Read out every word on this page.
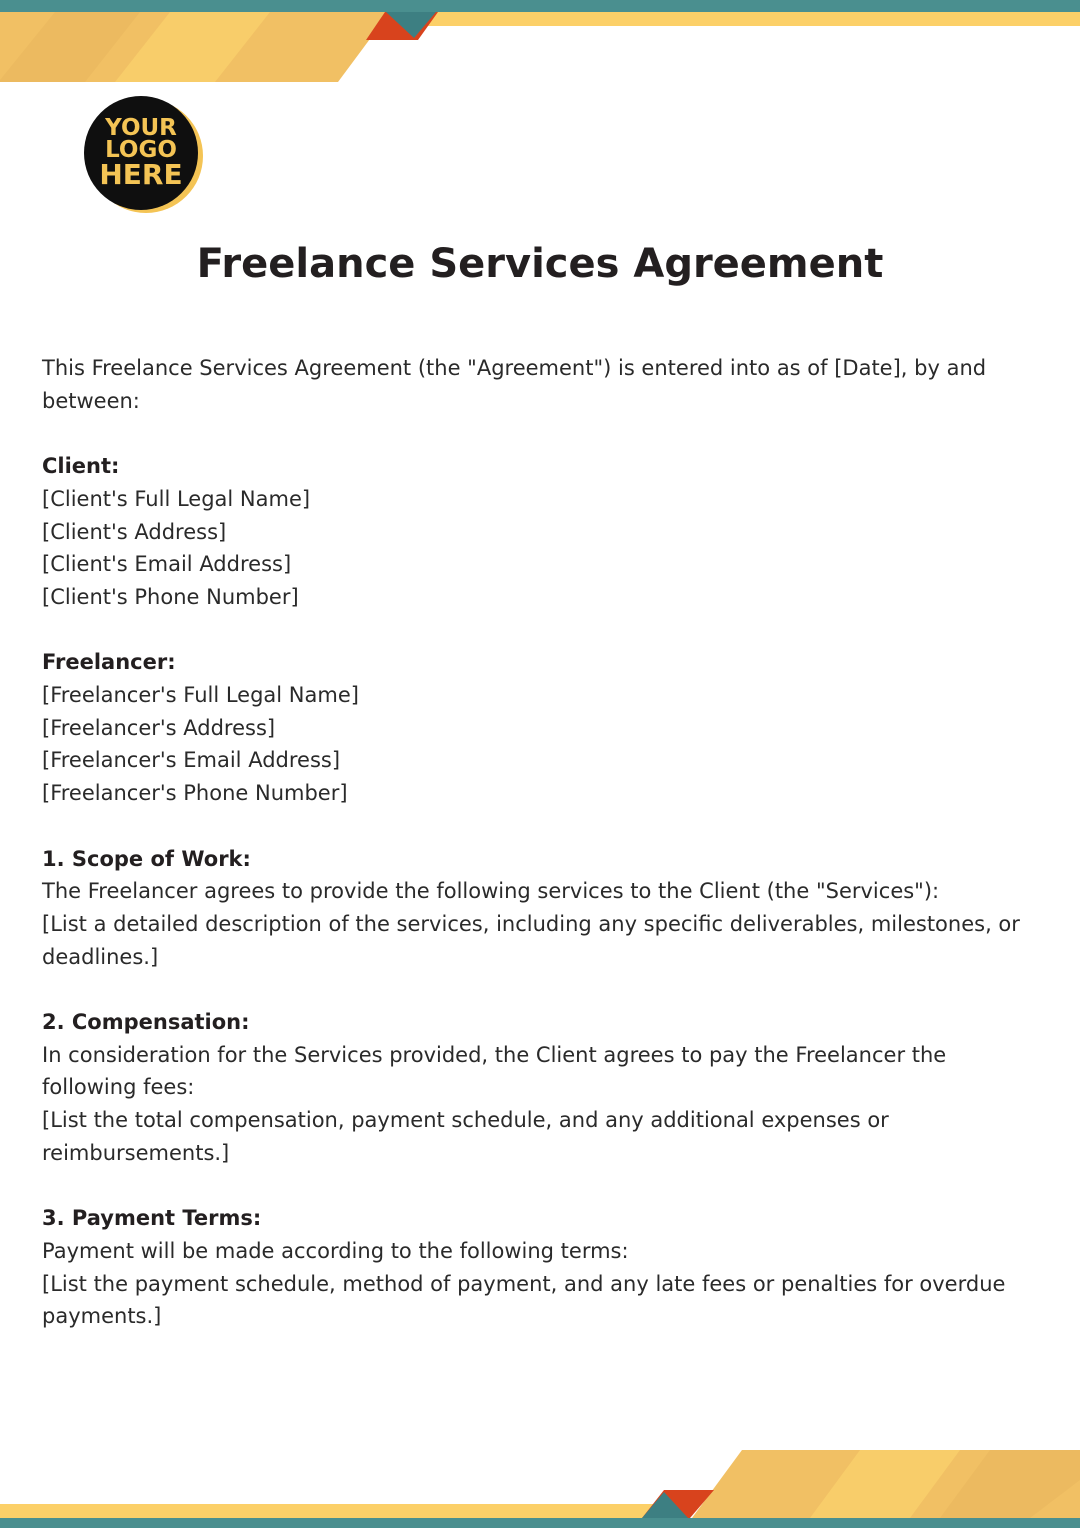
YOUR
LOGO
HERE
Freelance Services Agreement

This Freelance Services Agreement (the "Agreement") is entered into as of [Date], by and between:

Client:

[Client's Full Legal Name]
[Client's Address]
[Client's Email Address]
[Client's Phone Number]

Freelancer:

[Freelancer's Full Legal Name]
[Freelancer's Address]
[Freelancer's Email Address]
[Freelancer's Phone Number]

1. Scope of Work:

The Freelancer agrees to provide the following services to the Client (the "Services"):

[List a detailed description of the services, including any specific deliverables, milestones, or deadlines.]

2. Compensation:

In consideration for the Services provided, the Client agrees to pay the Freelancer the following fees:

[List the total compensation, payment schedule, and any additional expenses or reimbursements.]

3. Payment Terms:

Payment will be made according to the following terms:

[List the payment schedule, method of payment, and any late fees or penalties for overdue payments.]
